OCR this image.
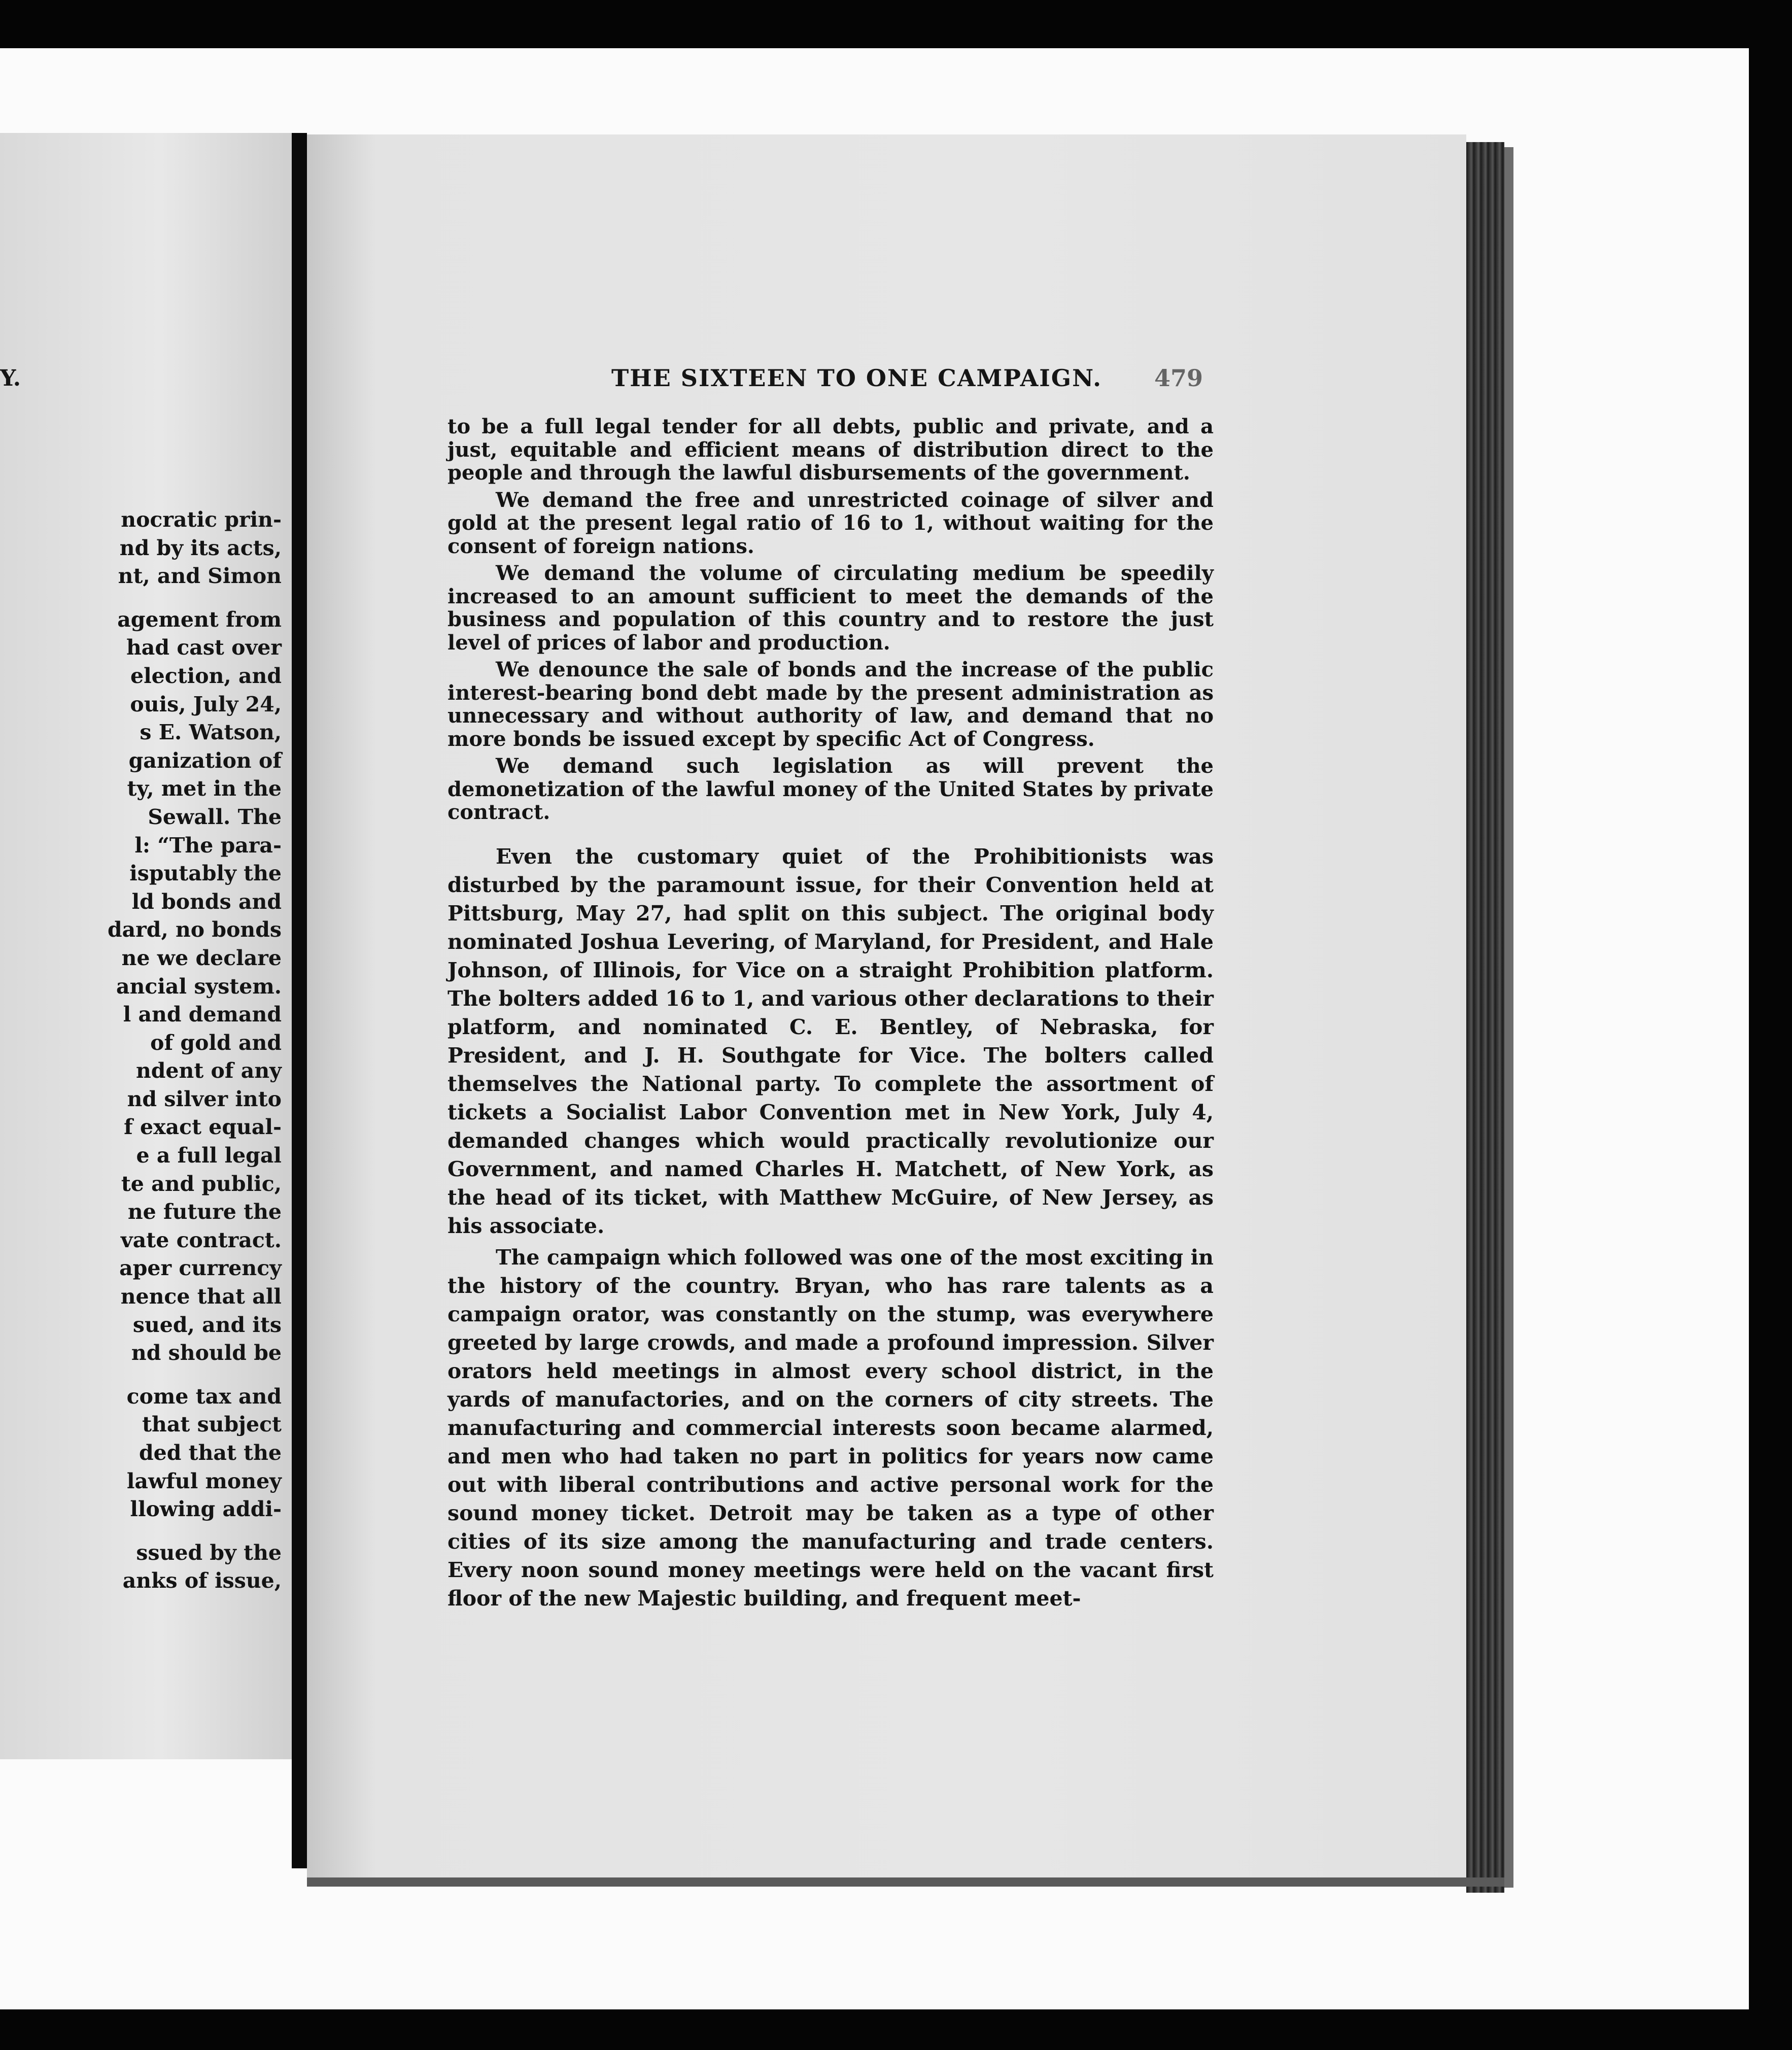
Y.
nocratic prin-
nd by its acts,
nt, and Simon
agement from
had cast over
election, and
ouis, July 24,
s E. Watson,
ganization of
ty, met in the
Sewall. The
l: “The para-
isputably the
ld bonds and
dard, no bonds
ne we declare
ancial system.
l and demand
of gold and
ndent of any
nd silver into
f exact equal-
e a full legal
te and public,
ne future the
vate contract.
aper currency
nence that all
sued, and its
nd should be
come tax and
that subject
ded that the
lawful money
llowing addi-
ssued by the
anks of issue,
THE SIXTEEN TO ONE CAMPAIGN. 479

to be a full legal tender for all debts, public and private, and a just, equitable and efficient means of distribution direct to the people and through the lawful disbursements of the government.

We demand the free and unrestricted coinage of silver and gold at the present legal ratio of 16 to 1, without waiting for the consent of foreign nations.

We demand the volume of circulating medium be speedily increased to an amount sufficient to meet the demands of the business and population of this country and to restore the just level of prices of labor and production.

We denounce the sale of bonds and the increase of the public interest-bearing bond debt made by the present administration as unnecessary and without authority of law, and demand that no more bonds be issued except by specific Act of Congress.

We demand such legislation as will prevent the demonetization of the lawful money of the United States by private contract.

Even the customary quiet of the Prohibitionists was disturbed by the paramount issue, for their Convention held at Pittsburg, May 27, had split on this subject. The original body nominated Joshua Levering, of Maryland, for President, and Hale Johnson, of Illinois, for Vice on a straight Prohibition platform. The bolters added 16 to 1, and various other declarations to their platform, and nominated C. E. Bentley, of Nebraska, for President, and J. H. Southgate for Vice. The bolters called themselves the National party. To complete the assortment of tickets a Socialist Labor Convention met in New York, July 4, demanded changes which would practically revolutionize our Government, and named Charles H. Matchett, of New York, as the head of its ticket, with Matthew McGuire, of New Jersey, as his associate.

The campaign which followed was one of the most exciting in the history of the country. Bryan, who has rare talents as a campaign orator, was constantly on the stump, was everywhere greeted by large crowds, and made a profound impression. Silver orators held meetings in almost every school district, in the yards of manufactories, and on the corners of city streets. The manufacturing and commercial interests soon became alarmed, and men who had taken no part in politics for years now came out with liberal contributions and active personal work for the sound money ticket. Detroit may be taken as a type of other cities of its size among the manufacturing and trade centers. Every noon sound money meetings were held on the vacant first floor of the new Majestic building, and frequent meet-
